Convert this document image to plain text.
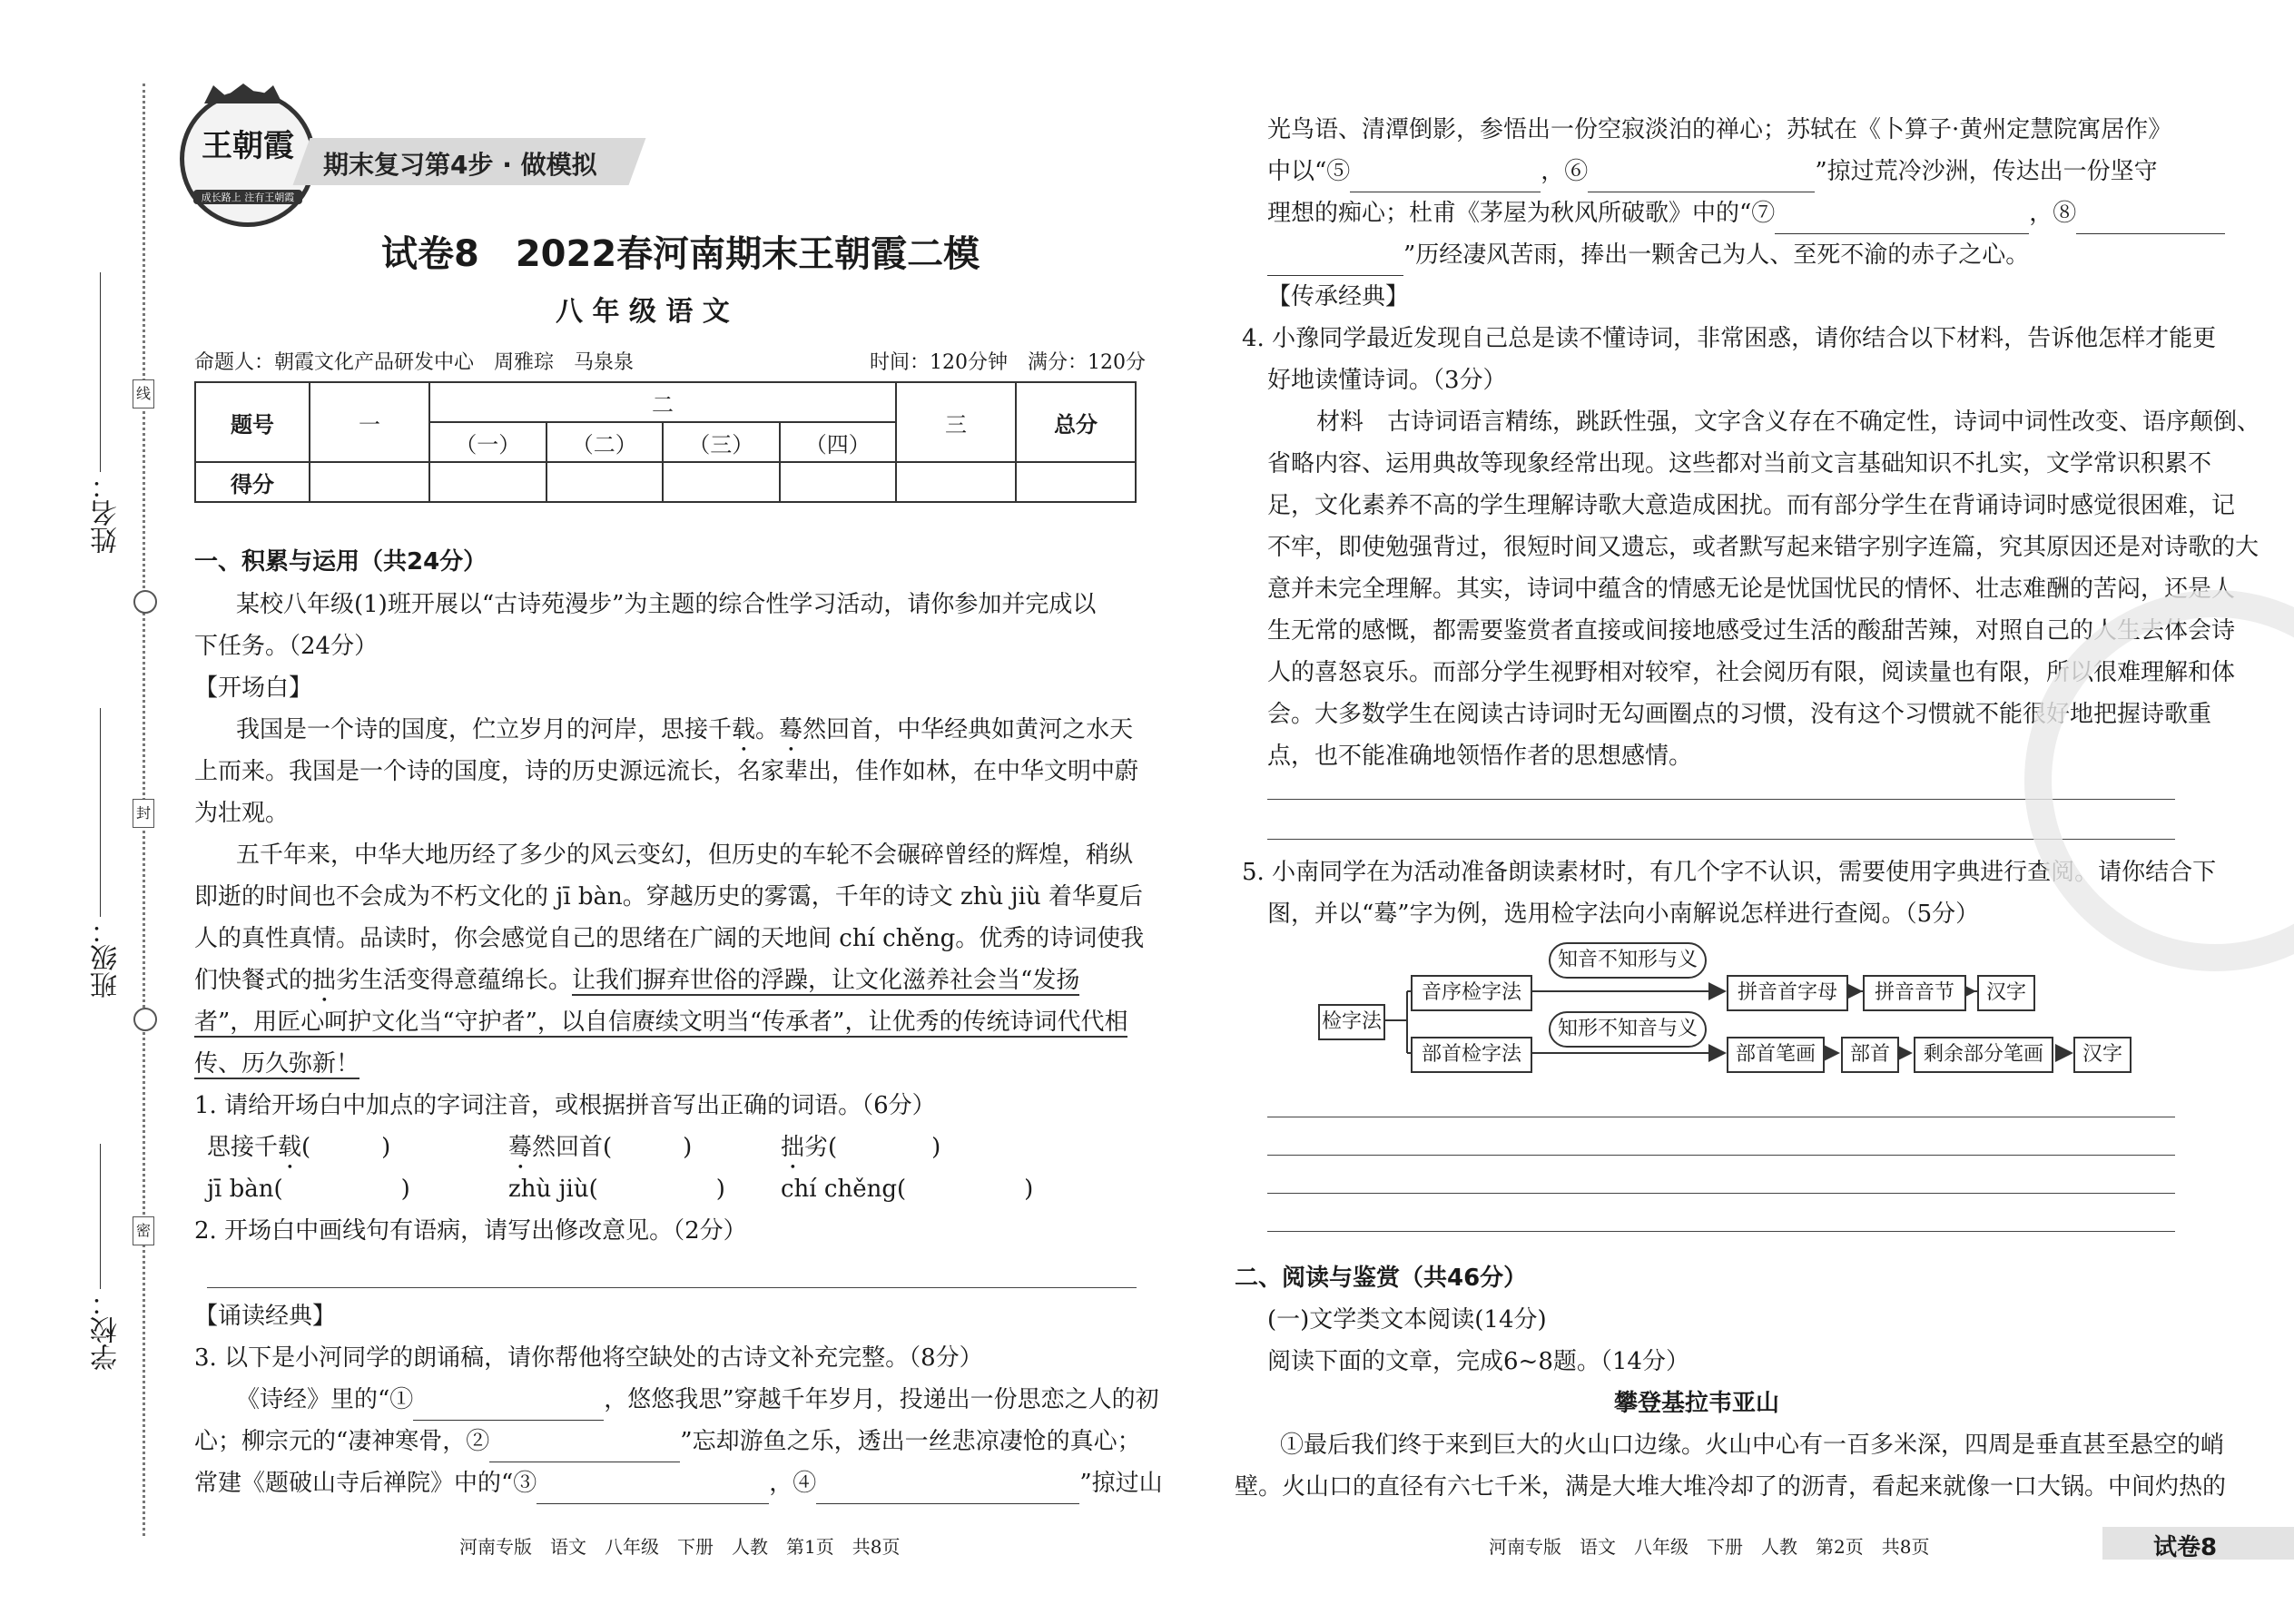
线
封
密
姓名：
班级：
学校：
王朝霞
成长路上 注有王朝霞
期末复习第4步 · 做模拟
试卷8　2022春河南期末王朝霞二模
八 年 级 语 文
命题人：朝霞文化产品研发中心　周雅琮　马泉泉	时间：120分钟　满分：120分
题号	一	二				三	总分
		（一）	（二）	（三）	（四）		
得分							
一、积累与运用（共24分）
某校八年级(1)班开展以“古诗苑漫步”为主题的综合性学习活动，请你参加并完成以
下任务。（24分）
【开场白】
我国是一个诗的国度，伫立岁月的河岸，思接千载。蓦然回首，中华经典如黄河之水天
上而来。我国是一个诗的国度，诗的历史源远流长，名家辈出，佳作如林，在中华文明中蔚
为壮观。
五千年来，中华大地历经了多少的风云变幻，但历史的车轮不会碾碎曾经的辉煌，稍纵
即逝的时间也不会成为不朽文化的 jī bàn。穿越历史的雾霭，千年的诗文 zhù jiù 着华夏后
人的真性真情。品读时，你会感觉自己的思绪在广阔的天地间 chí chěng。优秀的诗词使我
们快餐式的拙劣生活变得意蕴绵长。让我们摒弃世俗的浮躁，让文化滋养社会当“发扬
者”，用匠心呵护文化当“守护者”，以自信赓续文明当“传承者”，让优秀的传统诗词代代相
传、历久弥新！
1. 请给开场白中加点的字词注音，或根据拼音写出正确的词语。（6分）
思接千载(　　　)	蓦然回首(　　　)	拙劣(　　　　)
jī bàn(　　　　　)	zhù jiù(　　　　　) chí chěng(　　　　　)
2. 开场白中画线句有语病，请写出修改意见。（2分）
【诵读经典】
3. 以下是小河同学的朗诵稿，请你帮他将空缺处的古诗文补充完整。（8分）
《诗经》里的“①	，悠悠我思”穿越千年岁月，投递出一份思恋之人的初
心；柳宗元的“凄神寒骨，②	”忘却游鱼之乐，透出一丝悲凉凄怆的真心；
常建《题破山寺后禅院》中的“③	，④	”掠过山
河南专版　语文　八年级　下册　人教　第1页　共8页
光鸟语、清潭倒影，参悟出一份空寂淡泊的禅心；苏轼在《卜算子·黄州定慧院寓居作》
中以“⑤	，⑥	”掠过荒冷沙洲，传达出一份坚守
理想的痴心；杜甫《茅屋为秋风所破歌》中的“⑦	，⑧
”历经凄风苦雨，捧出一颗舍己为人、至死不渝的赤子之心。
【传承经典】
4. 小豫同学最近发现自己总是读不懂诗词，非常困惑，请你结合以下材料，告诉他怎样才能更
好地读懂诗词。（3分）
材料　古诗词语言精练，跳跃性强，文字含义存在不确定性，诗词中词性改变、语序颠倒、
省略内容、运用典故等现象经常出现。这些都对当前文言基础知识不扎实，文学常识积累不
足，文化素养不高的学生理解诗歌大意造成困扰。而有部分学生在背诵诗词时感觉很困难，记
不牢，即使勉强背过，很短时间又遗忘，或者默写起来错字别字连篇，究其原因还是对诗歌的大
意并未完全理解。其实，诗词中蕴含的情感无论是忧国忧民的情怀、壮志难酬的苦闷，还是人
生无常的感慨，都需要鉴赏者直接或间接地感受过生活的酸甜苦辣，对照自己的人生去体会诗
人的喜怒哀乐。而部分学生视野相对较窄，社会阅历有限，阅读量也有限，所以很难理解和体
会。大多数学生在阅读古诗词时无勾画圈点的习惯，没有这个习惯就不能很好地把握诗歌重
点，也不能准确地领悟作者的思想感情。
5. 小南同学在为活动准备朗读素材时，有几个字不认识，需要使用字典进行查阅。请你结合下
图，并以“蓦”字为例，选用检字法向小南解说怎样进行查阅。（5分）
检字法
音序检字法
部首检字法
知音不知形与义
知形不知音与义
拼音首字母	拼音音节	汉字
部首笔画	部首	剩余部分笔画	汉字
二、阅读与鉴赏（共46分）
(一)文学类文本阅读(14分)
阅读下面的文章，完成6~8题。（14分）
攀登基拉韦亚山
①最后我们终于来到巨大的火山口边缘。火山中心有一百多米深，四周是垂直甚至悬空的峭
壁。火山口的直径有六七千米，满是大堆大堆冷却了的沥青，看起来就像一口大锅。中间灼热的
河南专版　语文　八年级　下册　人教　第2页　共8页	试卷8
